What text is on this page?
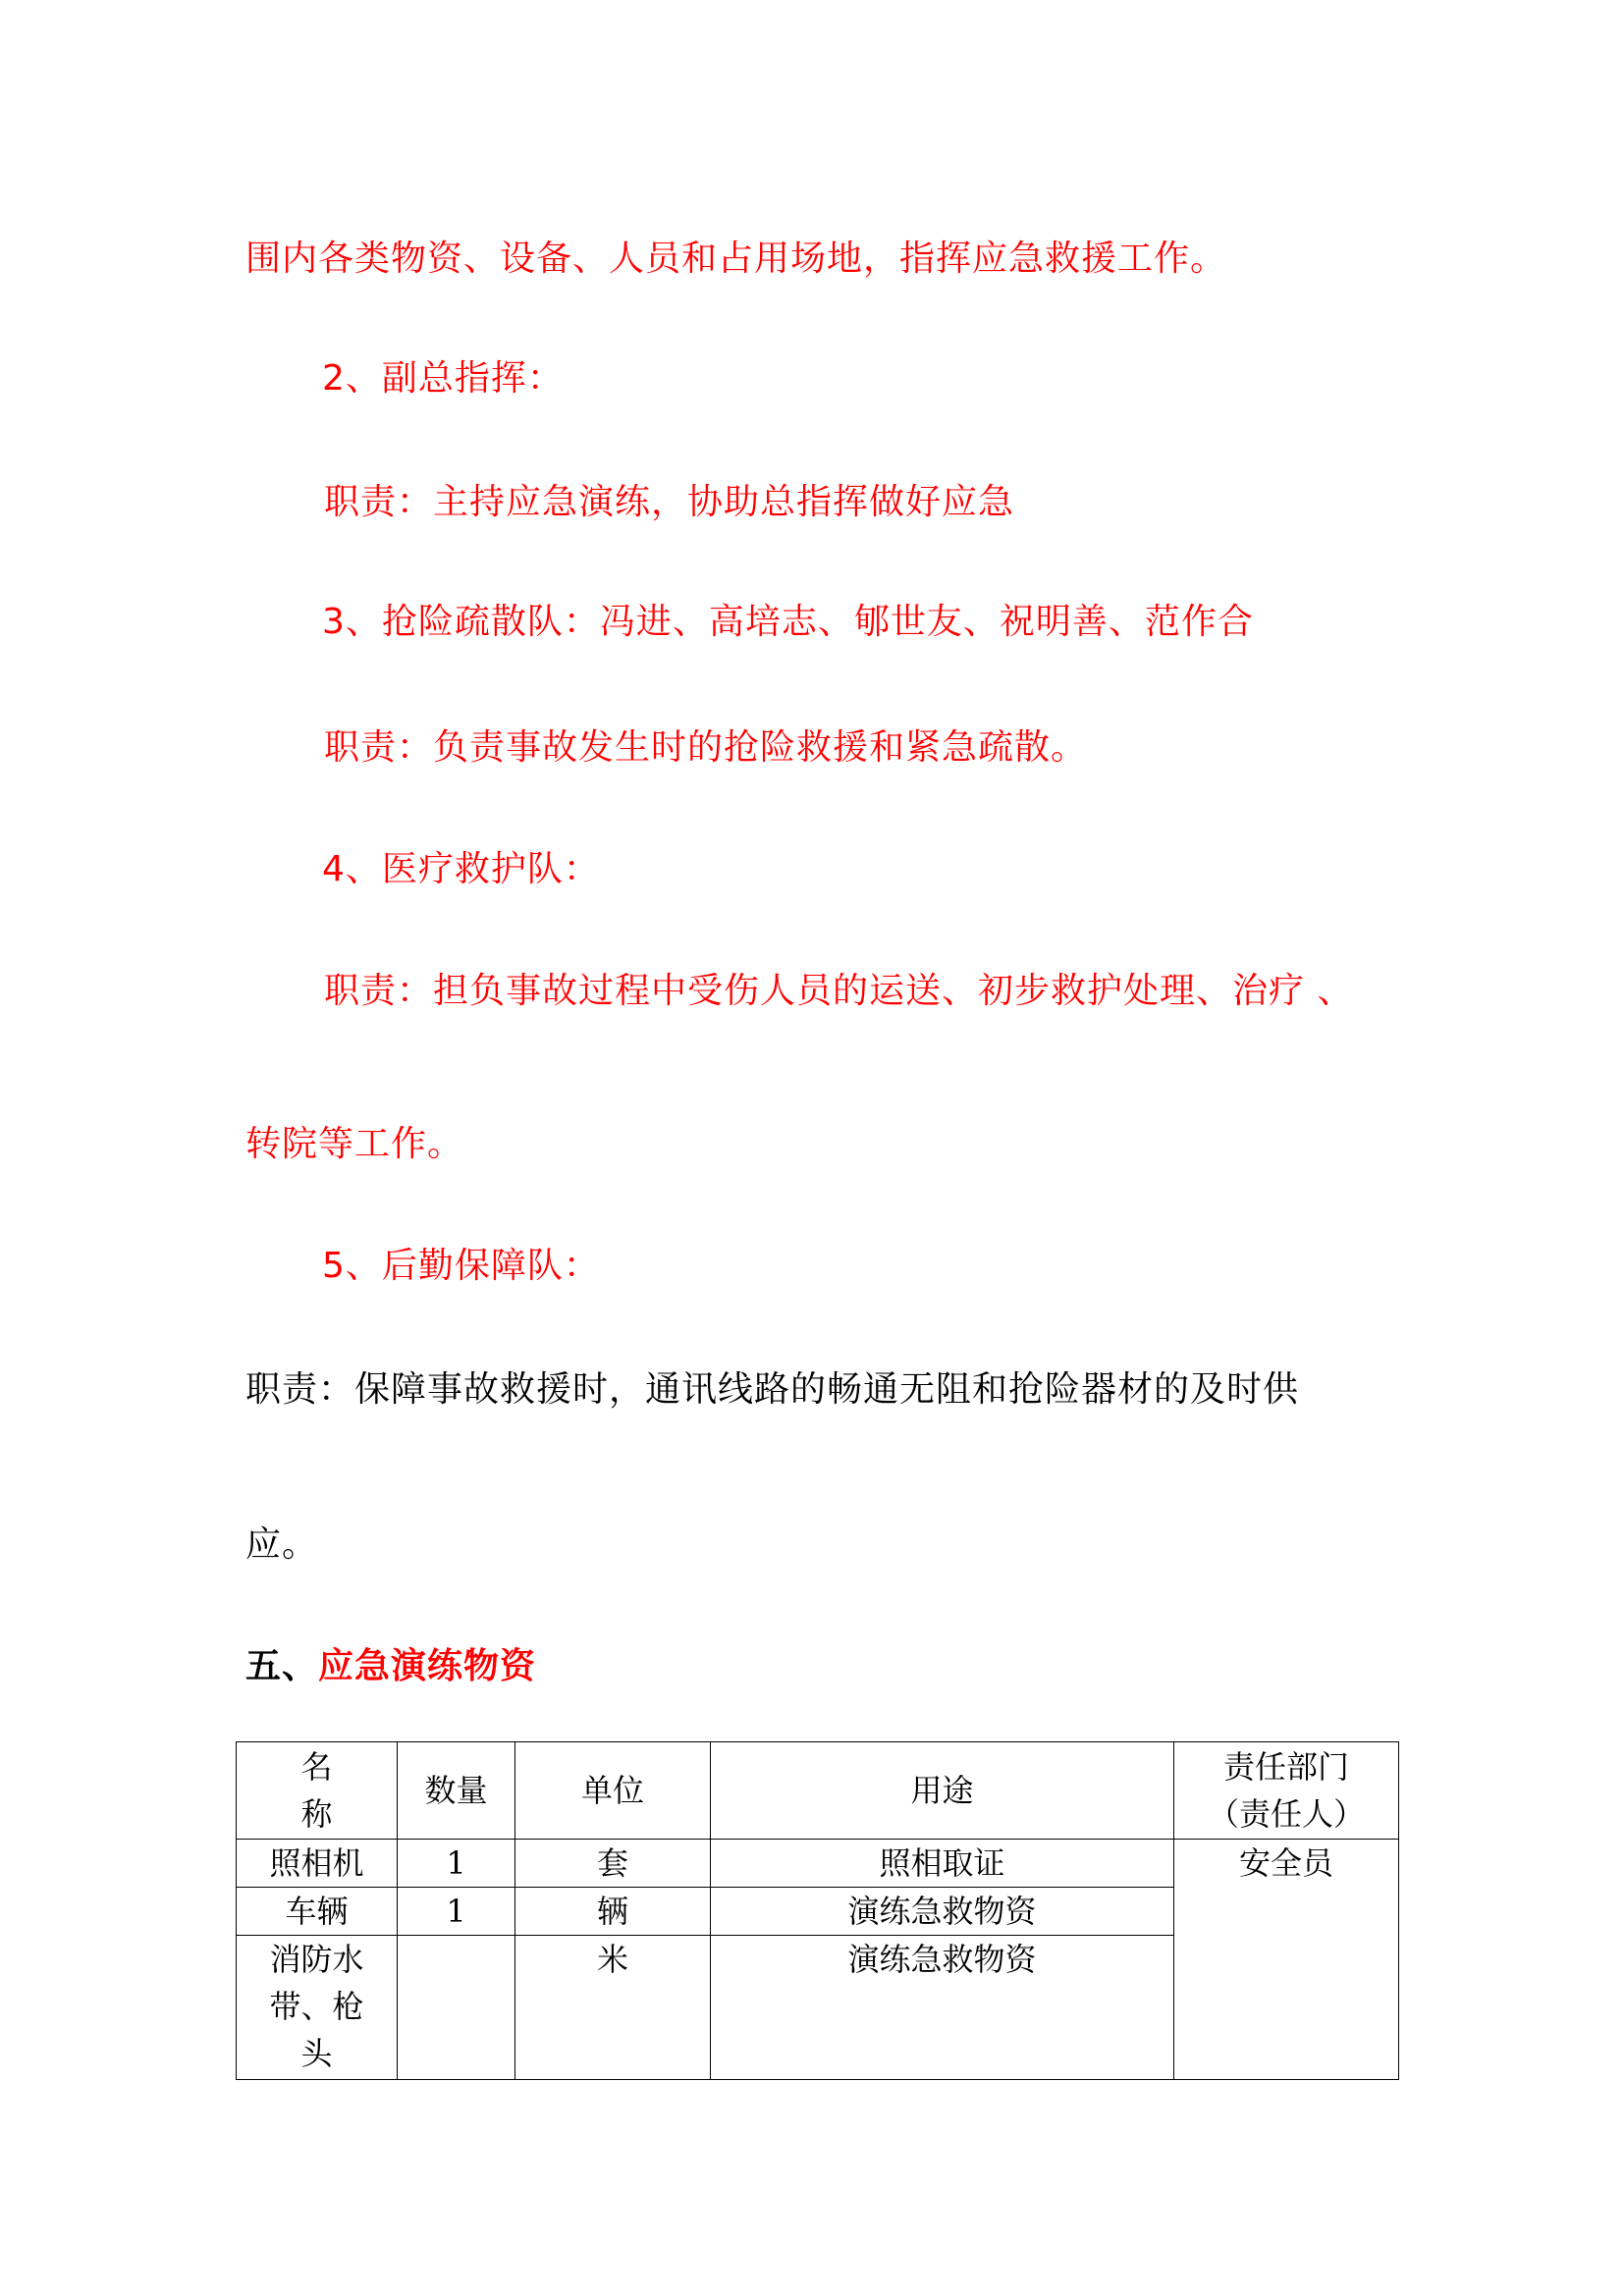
围内各类物资、设备、人员和占用场地，指挥应急救援工作。
2、副总指挥：
职责：主持应急演练，协助总指挥做好应急
3、抢险疏散队：冯进、高培志、郇世友、祝明善、范作合
职责：负责事故发生时的抢险救援和紧急疏散。
4、医疗救护队：
职责：担负事故过程中受伤人员的运送、初步救护处理、治疗 、
转院等工作。
5、后勤保障队：
职责：保障事故救援时，通讯线路的畅通无阻和抢险器材的及时供
应。
五、应急演练物资
名 称	数量	单位	用途	责任部门（责任人）
照相机	1	套	照相取证	安全员
车辆	1	辆	演练急救物资	
消防水带、枪头		米	演练急救物资	
